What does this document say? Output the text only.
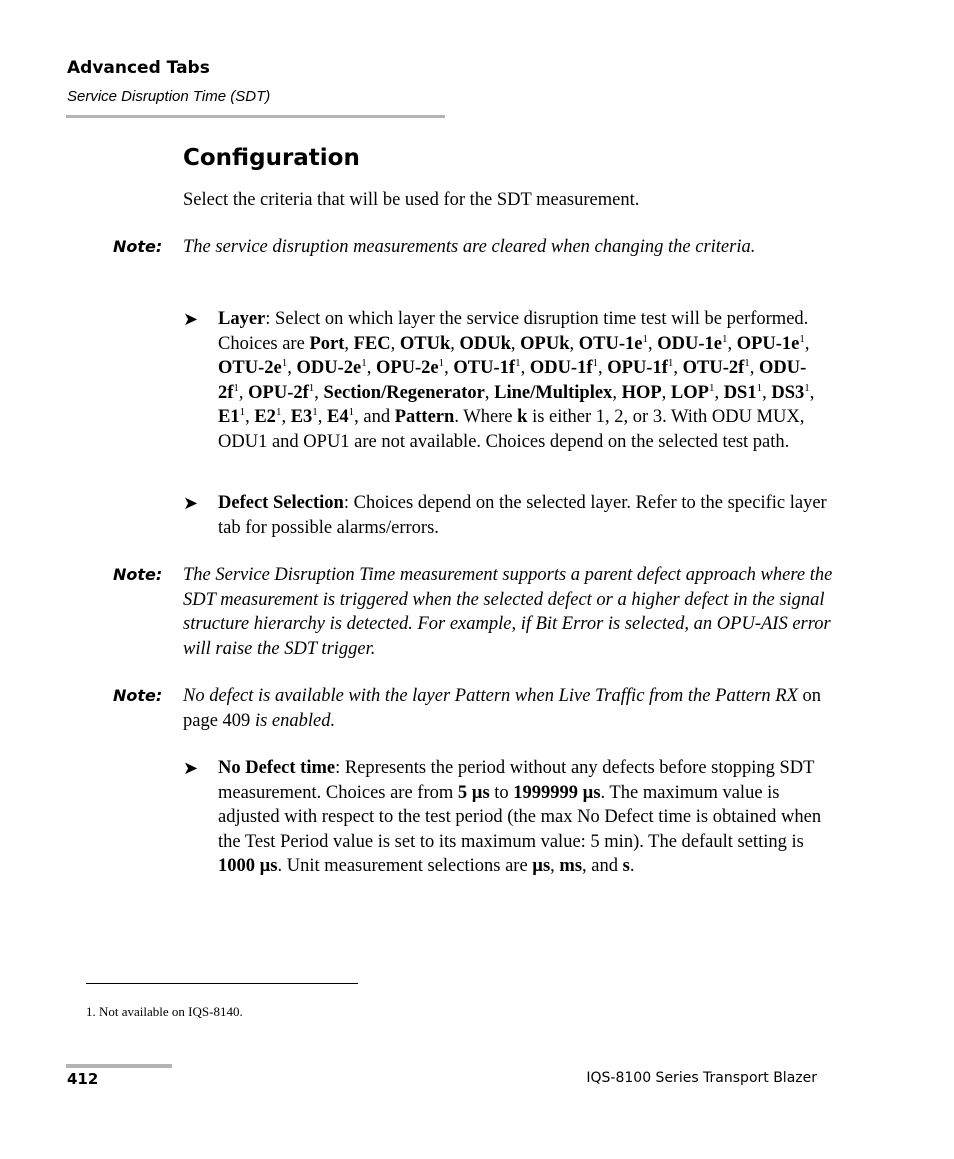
Advanced Tabs
Service Disruption Time (SDT)
Configuration
Select the criteria that will be used for the SDT measurement.
Note: The service disruption measurements are cleared when changing the criteria.
➤ Layer: Select on which layer the service disruption time test will be performed. Choices are Port, FEC, OTUk, ODUk, OPUk, OTU-$1e^1$, ODU-$1e^1$, OPU-$1e^1$, OTU-$2e^1$, ODU-$2e^1$, OPU-$2e^1$, OTU-$1f^1$, ODU-$1f^1$, OPU-$1f^1$, OTU-$2f^1$, ODU-$2f^1$, OPU-$2f^1$, Section/Regenerator, Line/Multiplex, HOP, LOP$^1$, $DS1^1$, $DS3^1$, $E1^1$, $E2^1$, $E3^1$, $E4^1$, and Pattern. Where k is either 1, 2, or 3. With ODU MUX, ODU1 and OPU1 are not available. Choices depend on the selected test path.
➤ Defect Selection: Choices depend on the selected layer. Refer to the specific layer tab for possible alarms/errors.
Note: The Service Disruption Time measurement supports a parent defect approach where the SDT measurement is triggered when the selected defect or a higher defect in the signal structure hierarchy is detected. For example, if Bit Error is selected, an OPU-AIS error will raise the SDT trigger.
Note: No defect is available with the layer Pattern when Live Traffic from the Pattern RX on page 409 is enabled.
➤ No Defect time: Represents the period without any defects before stopping SDT measurement. Choices are from 5 µs to 1999999 µs. The maximum value is adjusted with respect to the test period (the max No Defect time is obtained when the Test Period value is set to its maximum value: 5 min). The default setting is 1000 µs. Unit measurement selections are µs, ms, and s.
1. Not available on IQS-8140.
412	IQS-8100 Series Transport Blazer
